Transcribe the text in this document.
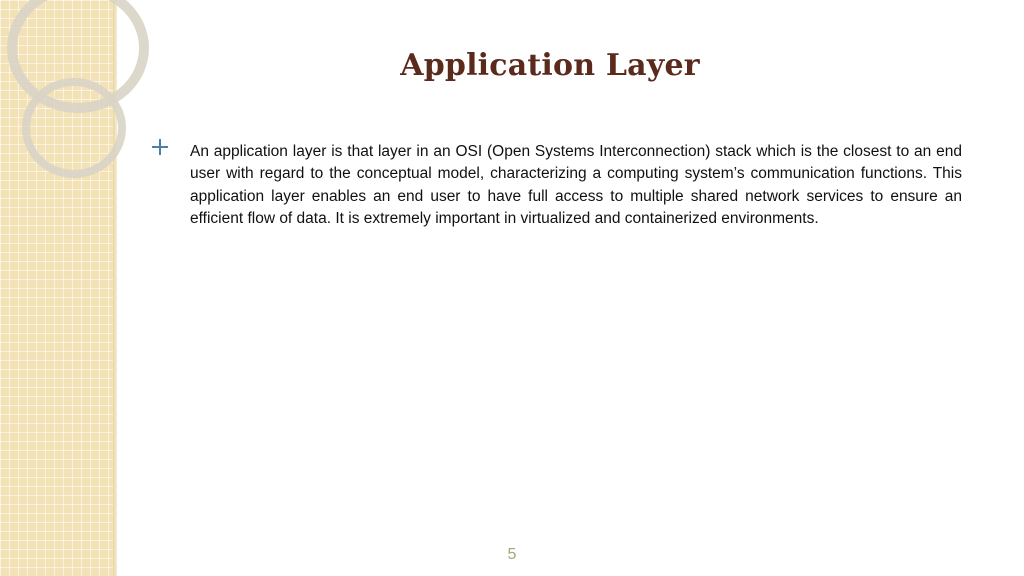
Application Layer

An application layer is that layer in an OSI (Open Systems Interconnection) stack which is the closest to an end user with regard to the conceptual model, characterizing a computing system’s communication functions. This application layer enables an end user to have full access to multiple shared network services to ensure an efficient flow of data. It is extremely important in virtualized and containerized environments.

5
